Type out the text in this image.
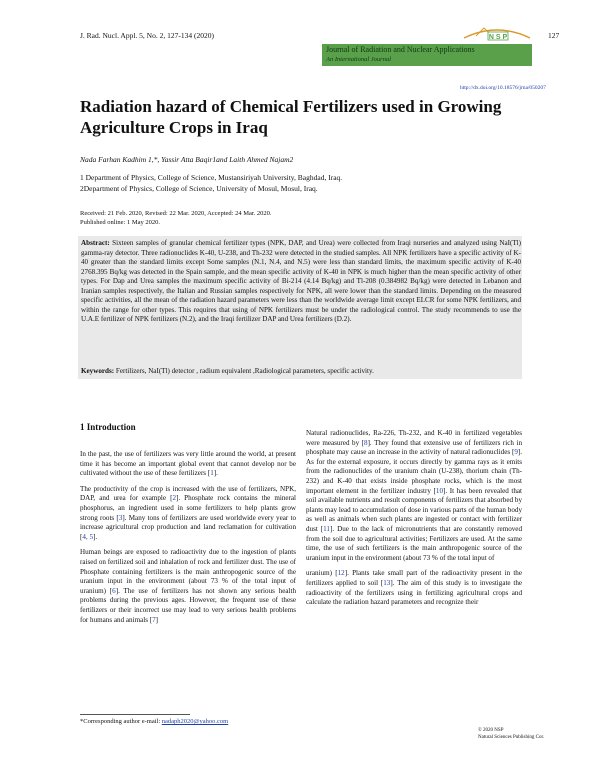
J. Rad. Nucl. Appl. 5, No. 2, 127-134 (2020)	127
N S P
Journal of Radiation and Nuclear Applications
An International Journal
http://dx.doi.org/10.18576/jrna/050207
Radiation hazard of Chemical Fertilizers used in Growing Agriculture Crops in Iraq
Nada Farhan Kadhim 1,*, Yassir Atta Baqir1and Laith Ahmed Najam2
1 Department of Physics, College of Science, Mustansiriyah University, Baghdad, Iraq.
2Department of Physics, College of Science, University of Mosul, Mosul, Iraq.
Received: 21 Feb. 2020, Revised: 22 Mar. 2020, Accepted: 24 Mar. 2020.
Published online: 1 May 2020.
Abstract: Sixteen samples of granular chemical fertilizer types (NPK, DAP, and Urea) were collected from Iraqi nurseries and analyzed using NaI(Tl) gamma-ray detector. Three radionuclides K-40, U-238, and Th-232 were detected in the studied samples. All NPK fertilizers have a specific activity of K-40 greater than the standard limits except Some samples (N.1, N.4, and N.5) were less than standard limits, the maximum specific activity of K-40 2768.395 Bq/kg was detected in the Spain sample, and the mean specific activity of K-40 in NPK is much higher than the mean specific activity of other types. For Dap and Urea samples the maximum specific activity of Bi-214 (4.14 Bq/kg) and Tl-208 (0.384982 Bq/kg) were detected in Lebanon and Iranian samples respectively, the Italian and Russian samples respectively for NPK, all were lower than the standard limits. Depending on the measured specific activities, all the mean of the radiation hazard parameters were less than the worldwide average limit except ELCR for some NPK fertilizers, and within the range for other types. This requires that using of NPK fertilizers must be under the radiological control. The study recommends to use the U.A.E fertilizer of NPK fertilizers (N.2), and the Iraqi fertilizer DAP and Urea fertilizers (D.2).
Keywords: Fertilizers, NaI(Tl) detector , radium equivalent ,Radiological parameters, specific activity.
1 Introduction

In the past, the use of fertilizers was very little around the world, at present time it has become an important global event that cannot develop nor be cultivated without the use of these fertilizers [1].

The productivity of the crop is increased with the use of fertilizers, NPK, DAP, and urea for example [2]. Phosphate rock contains the mineral phosphorus, an ingredient used in some fertilizers to help plants grow strong roots [3]. Many tons of fertilizers are used worldwide every year to increase agricultural crop production and land reclamation for cultivation [4, 5].

Human beings are exposed to radioactivity due to the ingestion of plants raised on fertilized soil and inhalation of rock and fertilizer dust. The use of Phosphate containing fertilizers is the main anthropogenic source of the uranium input in the environment (about 73 % of the total input of uranium) [6]. The use of fertilizers has not shown any serious health problems during the previous ages. However, the frequent use of these fertilizers or their incorrect use may lead to very serious health problems for humans and animals [7]

Natural radionuclides, Ra-226, Th-232, and K-40 in fertilized vegetables were measured by [8]. They found that extensive use of fertilizers rich in phosphate may cause an increase in the activity of natural radionuclides [9]. As for the external exposure, it occurs directly by gamma rays as it emits from the radionuclides of the uranium chain (U-238), thorium chain (Th-232) and K-40 that exists inside phosphate rocks, which is the most important element in the fertilizer industry [10]. It has been revealed that soil available nutrients and result components of fertilizers that absorbed by plants may lead to accumulation of dose in various parts of the human body as well as animals when such plants are ingested or contact with fertilizer dust [11]. Due to the lack of micronutrients that are constantly removed from the soil due to agricultural activities; Fertilizers are used. At the same time, the use of such fertilizers is the main anthropogenic source of the uranium input in the environment (about 73 % of the total input of

uranium) [12]. Plants take small part of the radioactivity present in the fertilizers applied to soil [13]. The aim of this study is to investigate the radioactivity of the fertilizers using in fertilizing agricultural crops and calculate the radiation hazard parameters and recognize their

*Corresponding author e-mail: nadaph2020@yahoo.com
© 2020 NSP
Natural Sciences Publishing Cor.
